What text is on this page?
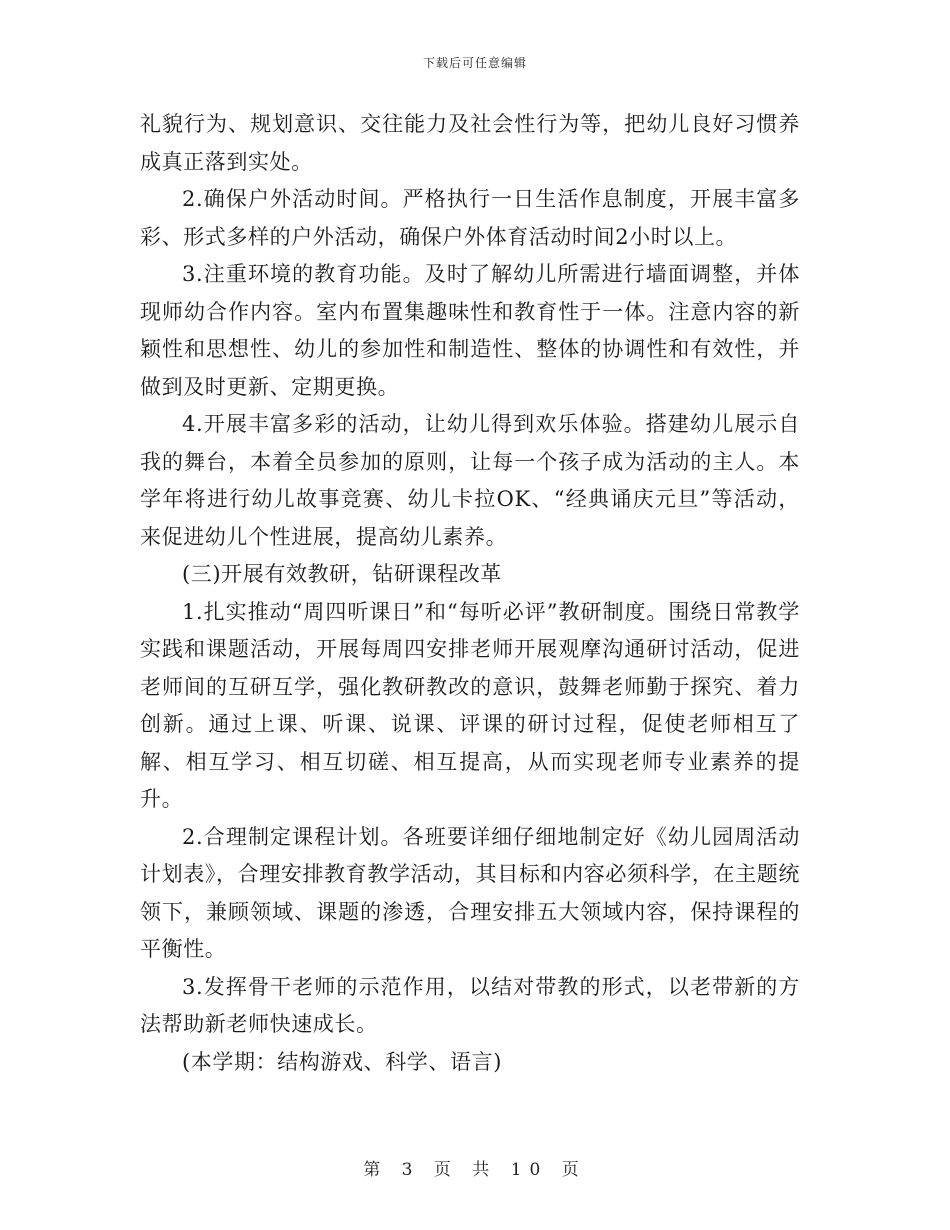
下载后可任意编辑

礼貌行为、规划意识、交往能力及社会性行为等，把幼儿良好习惯养成真正落到实处。

2.确保户外活动时间。严格执行一日生活作息制度，开展丰富多彩、形式多样的户外活动，确保户外体育活动时间2小时以上。

3.注重环境的教育功能。及时了解幼儿所需进行墙面调整，并体现师幼合作内容。室内布置集趣味性和教育性于一体。注意内容的新颖性和思想性、幼儿的参加性和制造性、整体的协调性和有效性，并做到及时更新、定期更换。

4.开展丰富多彩的活动，让幼儿得到欢乐体验。搭建幼儿展示自我的舞台，本着全员参加的原则，让每一个孩子成为活动的主人。本学年将进行幼儿故事竞赛、幼儿卡拉OK、“经典诵庆元旦”等活动，来促进幼儿个性进展，提高幼儿素养。

(三)开展有效教研，钻研课程改革

1.扎实推动“周四听课日”和“每听必评”教研制度。围绕日常教学实践和课题活动，开展每周四安排老师开展观摩沟通研讨活动，促进老师间的互研互学，强化教研教改的意识，鼓舞老师勤于探究、着力创新。通过上课、听课、说课、评课的研讨过程，促使老师相互了解、相互学习、相互切磋、相互提高，从而实现老师专业素养的提升。

2.合理制定课程计划。各班要详细仔细地制定好《幼儿园周活动计划表》，合理安排教育教学活动，其目标和内容必须科学，在主题统领下，兼顾领域、课题的渗透，合理安排五大领域内容，保持课程的平衡性。

3.发挥骨干老师的示范作用，以结对带教的形式，以老带新的方法帮助新老师快速成长。

(本学期：结构游戏、科学、语言)

第 3 页 共 10 页
